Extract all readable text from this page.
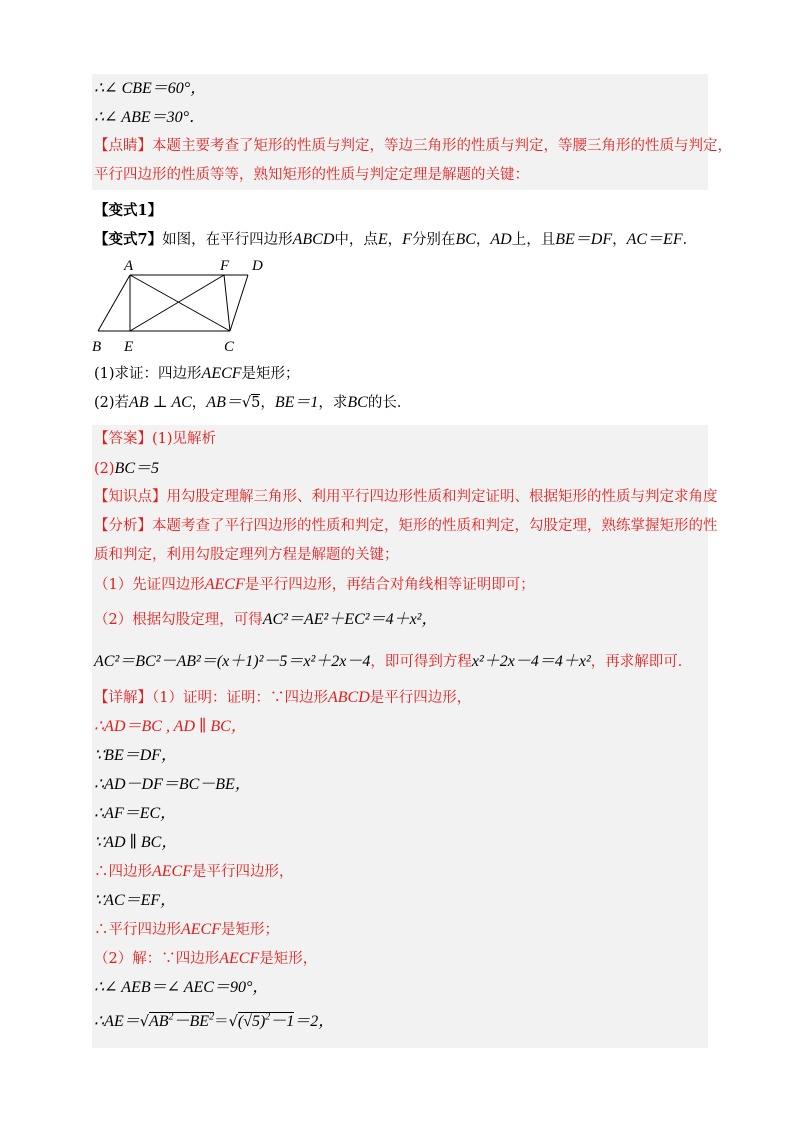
∴∠ CBE＝60°，
∴∠ ABE＝30°．
【点睛】本题主要考查了矩形的性质与判定，等边三角形的性质与判定，等腰三角形的性质与判定，
平行四边形的性质等等，熟知矩形的性质与判定定理是解题的关键：
【变式1】
【变式7】如图，在平行四边形ABCD中，点E，F分别在BC，AD上，且BE＝DF，AC＝EF．
A	F D
B E	C
(1)求证：四边形AECF是矩形；
(2)若AB ⊥ AC，AB＝√5，BE＝1，求BC的长．
【答案】(1)见解析
(2)BC＝5
【知识点】用勾股定理解三角形、利用平行四边形性质和判定证明、根据矩形的性质与判定求角度
【分析】本题考查了平行四边形的性质和判定，矩形的性质和判定，勾股定理，熟练掌握矩形的性
质和判定，利用勾股定理列方程是解题的关键；
（1）先证四边形AECF是平行四边形，再结合对角线相等证明即可；
（2）根据勾股定理，可得AC²＝AE²＋EC²＝4＋x²，
AC²＝BC²－AB²＝(x＋1)²－5＝x²＋2x－4，即可得到方程x²＋2x－4＝4＋x²，再求解即可．
【详解】（1）证明：证明：∵四边形ABCD是平行四边形，
∴AD＝BC , AD ∥ BC，
∵BE＝DF，
∴AD－DF＝BC－BE，
∴AF＝EC，
∵AD ∥ BC，
∴四边形AECF是平行四边形，
∵AC＝EF，
∴平行四边形AECF是矩形；
（2）解：∵四边形AECF是矩形，
∴∠ AEB＝∠ AEC＝90°，
$\therefore AE=√AB^2-BE^2=√(√5)^2-1=2$，
